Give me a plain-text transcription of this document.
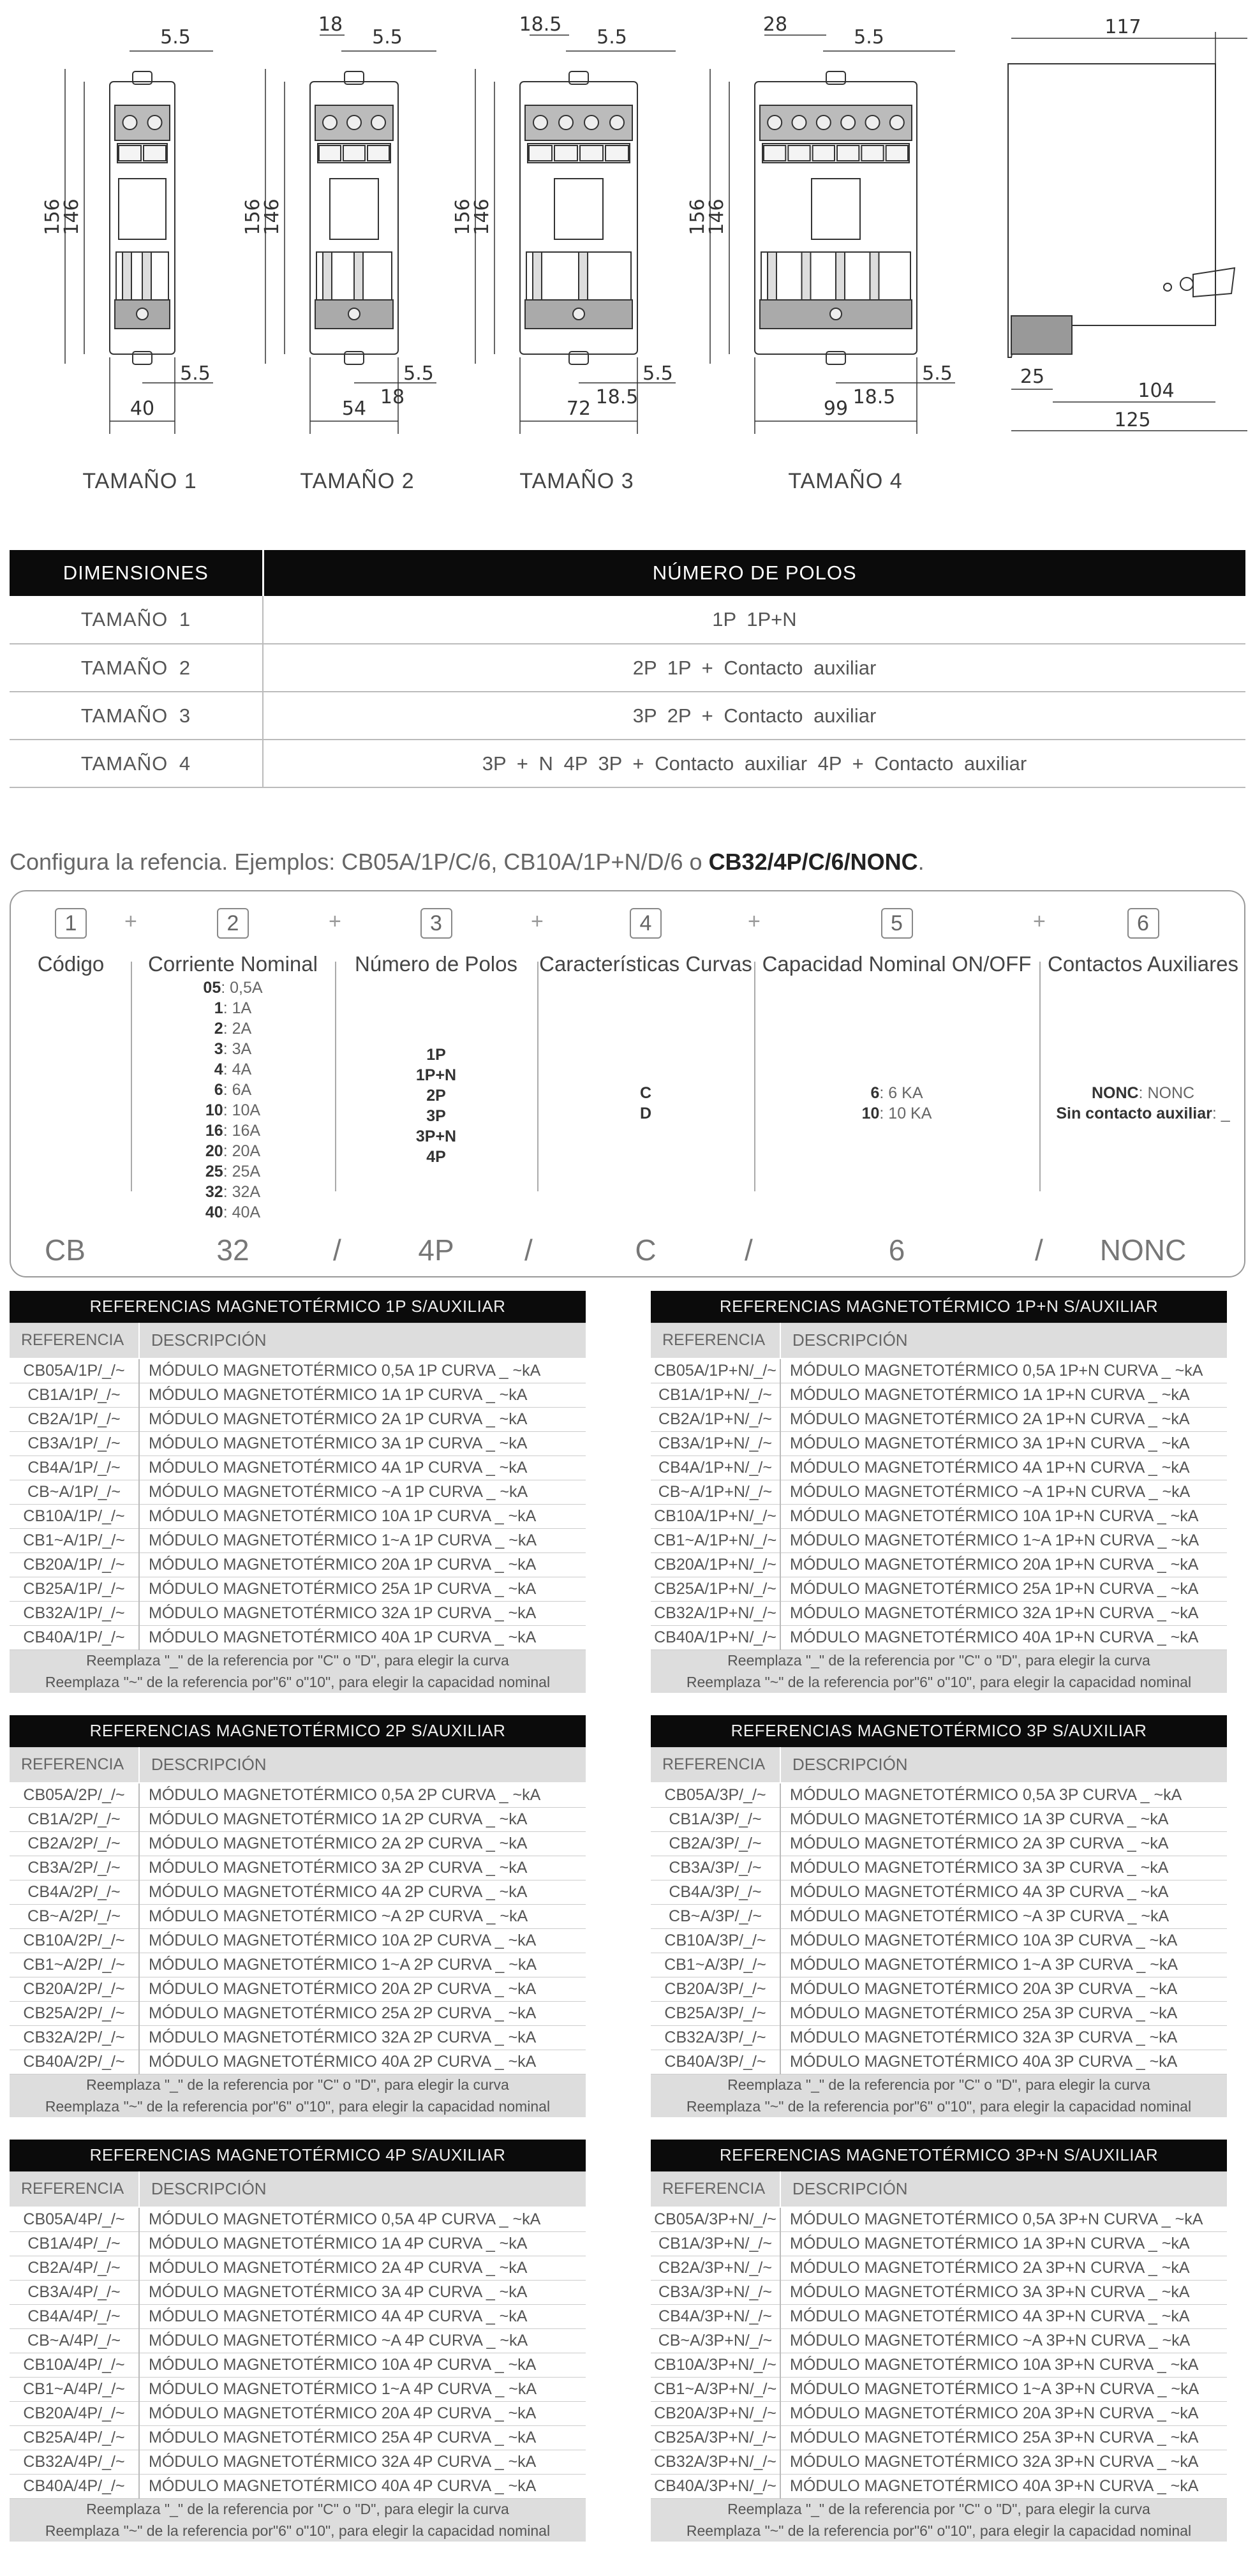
156
146
40
5.5
5.5
156
146
54
5.5
18
5.5
18
156
146
72
5.5
18.5
5.5
18.5
156
146
99
5.5
28
5.5
18.5
117
25
104
125
TAMAÑO 1	TAMAÑO 2	TAMAÑO 3	TAMAÑO 4
DIMENSIONES	NÚMERO DE POLOS
TAMAÑO 1	1P 1P+N
TAMAÑO 2	2P 1P + Contacto auxiliar
TAMAÑO 3	3P 2P + Contacto auxiliar
TAMAÑO 4	3P + N 4P 3P + Contacto auxiliar 4P + Contacto auxiliar
Configura la refencia. Ejemplos: CB05A/1P/C/6, CB10A/1P+N/D/6 o CB32/4P/C/6/NONC.
1
Código
CB
2
+
Corriente Nominal
05: 0,5A
1: 1A
2: 2A
3: 3A
4: 4A
6: 6A
10: 10A
16: 16A
20: 20A
25: 25A
32: 32A
40: 40A
32
3
+
Número de Polos
1P
1P+N
2P
3P
3P+N
4P
4P
4
+
Características Curvas
C
D
C
5
+
Capacidad Nominal ON/OFF
6: 6 KA
10: 10 KA
6
6
+
Contactos Auxiliares
NONC: NONC
Sin contacto auxiliar: _
NONC
/	/	/	/
REFERENCIAS MAGNETOTÉRMICO 1P S/AUXILIAR	
REFERENCIA	DESCRIPCIÓN
CB05A/1P/_/~	MÓDULO MAGNETOTÉRMICO 0,5A 1P CURVA _ ~kA
CB1A/1P/_/~	MÓDULO MAGNETOTÉRMICO 1A 1P CURVA _ ~kA
CB2A/1P/_/~	MÓDULO MAGNETOTÉRMICO 2A 1P CURVA _ ~kA
CB3A/1P/_/~	MÓDULO MAGNETOTÉRMICO 3A 1P CURVA _ ~kA
CB4A/1P/_/~	MÓDULO MAGNETOTÉRMICO 4A 1P CURVA _ ~kA
CB~A/1P/_/~	MÓDULO MAGNETOTÉRMICO ~A 1P CURVA _ ~kA
CB10A/1P/_/~	MÓDULO MAGNETOTÉRMICO 10A 1P CURVA _ ~kA
CB1~A/1P/_/~	MÓDULO MAGNETOTÉRMICO 1~A 1P CURVA _ ~kA
CB20A/1P/_/~	MÓDULO MAGNETOTÉRMICO 20A 1P CURVA _ ~kA
CB25A/1P/_/~	MÓDULO MAGNETOTÉRMICO 25A 1P CURVA _ ~kA
CB32A/1P/_/~	MÓDULO MAGNETOTÉRMICO 32A 1P CURVA _ ~kA
CB40A/1P/_/~	MÓDULO MAGNETOTÉRMICO 40A 1P CURVA _ ~kA
Reemplaza "_" de la referencia por "C" o "D", para elegir la curva	
Reemplaza "~" de la referencia por"6" o"10", para elegir la capacidad nominal	
REFERENCIAS MAGNETOTÉRMICO 1P+N S/AUXILIAR	
REFERENCIA	DESCRIPCIÓN
CB05A/1P+N/_/~	MÓDULO MAGNETOTÉRMICO 0,5A 1P+N CURVA _ ~kA
CB1A/1P+N/_/~	MÓDULO MAGNETOTÉRMICO 1A 1P+N CURVA _ ~kA
CB2A/1P+N/_/~	MÓDULO MAGNETOTÉRMICO 2A 1P+N CURVA _ ~kA
CB3A/1P+N/_/~	MÓDULO MAGNETOTÉRMICO 3A 1P+N CURVA _ ~kA
CB4A/1P+N/_/~	MÓDULO MAGNETOTÉRMICO 4A 1P+N CURVA _ ~kA
CB~A/1P+N/_/~	MÓDULO MAGNETOTÉRMICO ~A 1P+N CURVA _ ~kA
CB10A/1P+N/_/~	MÓDULO MAGNETOTÉRMICO 10A 1P+N CURVA _ ~kA
CB1~A/1P+N/_/~	MÓDULO MAGNETOTÉRMICO 1~A 1P+N CURVA _ ~kA
CB20A/1P+N/_/~	MÓDULO MAGNETOTÉRMICO 20A 1P+N CURVA _ ~kA
CB25A/1P+N/_/~	MÓDULO MAGNETOTÉRMICO 25A 1P+N CURVA _ ~kA
CB32A/1P+N/_/~	MÓDULO MAGNETOTÉRMICO 32A 1P+N CURVA _ ~kA
CB40A/1P+N/_/~	MÓDULO MAGNETOTÉRMICO 40A 1P+N CURVA _ ~kA
Reemplaza "_" de la referencia por "C" o "D", para elegir la curva	
Reemplaza "~" de la referencia por"6" o"10", para elegir la capacidad nominal	
REFERENCIAS MAGNETOTÉRMICO 2P S/AUXILIAR	
REFERENCIA	DESCRIPCIÓN
CB05A/2P/_/~	MÓDULO MAGNETOTÉRMICO 0,5A 2P CURVA _ ~kA
CB1A/2P/_/~	MÓDULO MAGNETOTÉRMICO 1A 2P CURVA _ ~kA
CB2A/2P/_/~	MÓDULO MAGNETOTÉRMICO 2A 2P CURVA _ ~kA
CB3A/2P/_/~	MÓDULO MAGNETOTÉRMICO 3A 2P CURVA _ ~kA
CB4A/2P/_/~	MÓDULO MAGNETOTÉRMICO 4A 2P CURVA _ ~kA
CB~A/2P/_/~	MÓDULO MAGNETOTÉRMICO ~A 2P CURVA _ ~kA
CB10A/2P/_/~	MÓDULO MAGNETOTÉRMICO 10A 2P CURVA _ ~kA
CB1~A/2P/_/~	MÓDULO MAGNETOTÉRMICO 1~A 2P CURVA _ ~kA
CB20A/2P/_/~	MÓDULO MAGNETOTÉRMICO 20A 2P CURVA _ ~kA
CB25A/2P/_/~	MÓDULO MAGNETOTÉRMICO 25A 2P CURVA _ ~kA
CB32A/2P/_/~	MÓDULO MAGNETOTÉRMICO 32A 2P CURVA _ ~kA
CB40A/2P/_/~	MÓDULO MAGNETOTÉRMICO 40A 2P CURVA _ ~kA
Reemplaza "_" de la referencia por "C" o "D", para elegir la curva	
Reemplaza "~" de la referencia por"6" o"10", para elegir la capacidad nominal	
REFERENCIAS MAGNETOTÉRMICO 3P S/AUXILIAR	
REFERENCIA	DESCRIPCIÓN
CB05A/3P/_/~	MÓDULO MAGNETOTÉRMICO 0,5A 3P CURVA _ ~kA
CB1A/3P/_/~	MÓDULO MAGNETOTÉRMICO 1A 3P CURVA _ ~kA
CB2A/3P/_/~	MÓDULO MAGNETOTÉRMICO 2A 3P CURVA _ ~kA
CB3A/3P/_/~	MÓDULO MAGNETOTÉRMICO 3A 3P CURVA _ ~kA
CB4A/3P/_/~	MÓDULO MAGNETOTÉRMICO 4A 3P CURVA _ ~kA
CB~A/3P/_/~	MÓDULO MAGNETOTÉRMICO ~A 3P CURVA _ ~kA
CB10A/3P/_/~	MÓDULO MAGNETOTÉRMICO 10A 3P CURVA _ ~kA
CB1~A/3P/_/~	MÓDULO MAGNETOTÉRMICO 1~A 3P CURVA _ ~kA
CB20A/3P/_/~	MÓDULO MAGNETOTÉRMICO 20A 3P CURVA _ ~kA
CB25A/3P/_/~	MÓDULO MAGNETOTÉRMICO 25A 3P CURVA _ ~kA
CB32A/3P/_/~	MÓDULO MAGNETOTÉRMICO 32A 3P CURVA _ ~kA
CB40A/3P/_/~	MÓDULO MAGNETOTÉRMICO 40A 3P CURVA _ ~kA
Reemplaza "_" de la referencia por "C" o "D", para elegir la curva	
Reemplaza "~" de la referencia por"6" o"10", para elegir la capacidad nominal	
REFERENCIAS MAGNETOTÉRMICO 4P S/AUXILIAR	
REFERENCIA	DESCRIPCIÓN
CB05A/4P/_/~	MÓDULO MAGNETOTÉRMICO 0,5A 4P CURVA _ ~kA
CB1A/4P/_/~	MÓDULO MAGNETOTÉRMICO 1A 4P CURVA _ ~kA
CB2A/4P/_/~	MÓDULO MAGNETOTÉRMICO 2A 4P CURVA _ ~kA
CB3A/4P/_/~	MÓDULO MAGNETOTÉRMICO 3A 4P CURVA _ ~kA
CB4A/4P/_/~	MÓDULO MAGNETOTÉRMICO 4A 4P CURVA _ ~kA
CB~A/4P/_/~	MÓDULO MAGNETOTÉRMICO ~A 4P CURVA _ ~kA
CB10A/4P/_/~	MÓDULO MAGNETOTÉRMICO 10A 4P CURVA _ ~kA
CB1~A/4P/_/~	MÓDULO MAGNETOTÉRMICO 1~A 4P CURVA _ ~kA
CB20A/4P/_/~	MÓDULO MAGNETOTÉRMICO 20A 4P CURVA _ ~kA
CB25A/4P/_/~	MÓDULO MAGNETOTÉRMICO 25A 4P CURVA _ ~kA
CB32A/4P/_/~	MÓDULO MAGNETOTÉRMICO 32A 4P CURVA _ ~kA
CB40A/4P/_/~	MÓDULO MAGNETOTÉRMICO 40A 4P CURVA _ ~kA
Reemplaza "_" de la referencia por "C" o "D", para elegir la curva	
Reemplaza "~" de la referencia por"6" o"10", para elegir la capacidad nominal	
REFERENCIAS MAGNETOTÉRMICO 3P+N S/AUXILIAR	
REFERENCIA	DESCRIPCIÓN
CB05A/3P+N/_/~	MÓDULO MAGNETOTÉRMICO 0,5A 3P+N CURVA _ ~kA
CB1A/3P+N/_/~	MÓDULO MAGNETOTÉRMICO 1A 3P+N CURVA _ ~kA
CB2A/3P+N/_/~	MÓDULO MAGNETOTÉRMICO 2A 3P+N CURVA _ ~kA
CB3A/3P+N/_/~	MÓDULO MAGNETOTÉRMICO 3A 3P+N CURVA _ ~kA
CB4A/3P+N/_/~	MÓDULO MAGNETOTÉRMICO 4A 3P+N CURVA _ ~kA
CB~A/3P+N/_/~	MÓDULO MAGNETOTÉRMICO ~A 3P+N CURVA _ ~kA
CB10A/3P+N/_/~	MÓDULO MAGNETOTÉRMICO 10A 3P+N CURVA _ ~kA
CB1~A/3P+N/_/~	MÓDULO MAGNETOTÉRMICO 1~A 3P+N CURVA _ ~kA
CB20A/3P+N/_/~	MÓDULO MAGNETOTÉRMICO 20A 3P+N CURVA _ ~kA
CB25A/3P+N/_/~	MÓDULO MAGNETOTÉRMICO 25A 3P+N CURVA _ ~kA
CB32A/3P+N/_/~	MÓDULO MAGNETOTÉRMICO 32A 3P+N CURVA _ ~kA
CB40A/3P+N/_/~	MÓDULO MAGNETOTÉRMICO 40A 3P+N CURVA _ ~kA
Reemplaza "_" de la referencia por "C" o "D", para elegir la curva	
Reemplaza "~" de la referencia por"6" o"10", para elegir la capacidad nominal	
